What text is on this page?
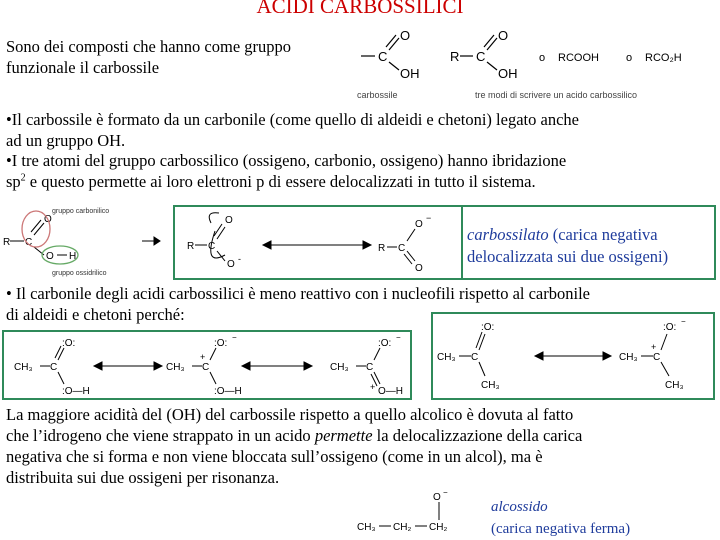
ACIDI CARBOSSILICI
Sono dei composti che hanno come gruppo
funzionale il carbossile
C
O
OH
carbossile
R C
O
OH
o RCOOH o RCO₂H
tre modi di scrivere un acido carbossilico
•Il carbossile è formato da un carbonile (come quello di aldeidi e chetoni) legato anche
ad un gruppo OH.
•I tre atomi del gruppo carbossilico (ossigeno, carbonio, ossigeno) hanno ibridazione
$sp^2$ e questo permette ai loro elettroni p di essere delocalizzati in tutto il sistema.
R C
O
O H
gruppo carbonilico
gruppo ossidrilico
R C
O
O -
R C
O
−
O
carbossilato (carica negativa
delocalizzata sui due ossigeni)
• Il carbonile degli acidi carbossilici è meno reattivo con i nucleofili rispetto al carbonile
di aldeidi e chetoni perché:
CH₃ C
:O:
:O—H
CH₃ C
+
:O:
−
:O—H
CH₃ C
:O:
−
O—H
+
CH₃ C
:O:
CH₃
CH₃ C
+
:O:
−
CH₃
La maggiore acidità del (OH) del carbossile rispetto a quello alcolico è dovuta al fatto
che l’idrogeno che viene strappato in un acido permette la delocalizzazione della carica
negativa che si forma e non viene bloccata sull’ossigeno (come in un alcol), ma è
distribuita sui due ossigeni per risonanza.
CH₃ CH₂ CH₂
O −
alcossido
(carica negativa ferma)
